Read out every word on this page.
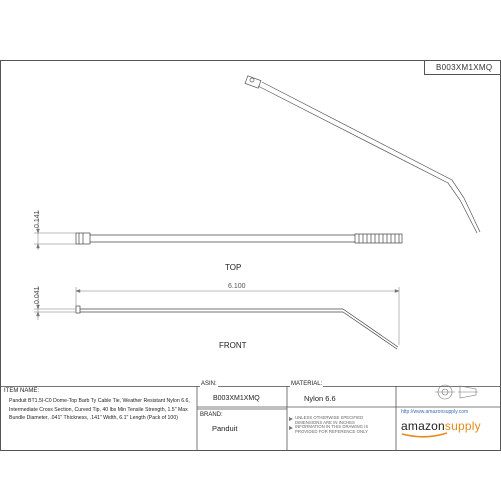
B003XM1XMQ
TOP
FRONT
0.141
0.041	6.100
ITEM NAME:
Panduit BT1.5I-C0 Dome-Top Barb Ty Cable Tie, Weather Resistant Nylon 6.6, Intermediate Cross Section, Curved Tip, 40 lbs Min Tensile Strength, 1.5" Max Bundle Diameter, .041" Thickness, .141" Width, 6.1" Length (Pack of 100)
ASIN:
B003XM1XMQ
MATERIAL:
Nylon 6.6
BRAND:
Panduit
UNLESS OTHERWISE SPECIFIED DIMENSIONS ARE IN INCHES
INFORMATION IN THIS DRAWING IS PROVIDED FOR REFERENCE ONLY
http://www.amazonsupply.com
amazonsupply
